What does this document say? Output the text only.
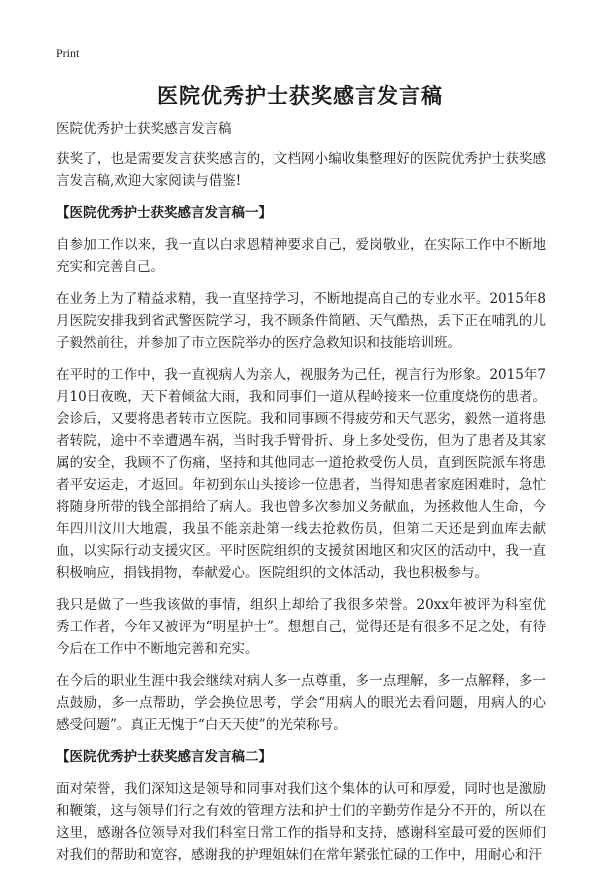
Print
医院优秀护士获奖感言发言稿
医院优秀护士获奖感言发言稿

获奖了，也是需要发言获奖感言的，文档网小编收集整理好的医院优秀护士获奖感言发言稿,欢迎大家阅读与借鉴!

【医院优秀护士获奖感言发言稿一】

自参加工作以来，我一直以白求恩精神要求自己，爱岗敬业，在实际工作中不断地充实和完善自己。

在业务上为了精益求精，我一直坚持学习，不断地提高自己的专业水平。2015年8月医院安排我到省武警医院学习，我不顾条件简陋、天气酷热，丢下正在哺乳的儿子毅然前往，并参加了市立医院举办的医疗急救知识和技能培训班。

在平时的工作中，我一直视病人为亲人，视服务为己任，视言行为形象。2015年7月10日夜晚，天下着倾盆大雨，我和同事们一道从程岭接来一位重度烧伤的患者。会诊后，又要将患者转市立医院。我和同事顾不得疲劳和天气恶劣，毅然一道将患者转院，途中不幸遭遇车祸，当时我手臂骨折、身上多处受伤，但为了患者及其家属的安全，我顾不了伤痛，坚持和其他同志一道抢救受伤人员，直到医院派车将患者平安运走，才返回。年初到东山头接诊一位患者，当得知患者家庭困难时，急忙将随身所带的钱全部捐给了病人。我也曾多次参加义务献血，为拯救他人生命，今年四川汶川大地震，我虽不能亲赴第一线去抢救伤员，但第二天还是到血库去献血，以实际行动支援灾区。平时医院组织的支援贫困地区和灾区的活动中，我一直积极响应，捐钱捐物，奉献爱心。医院组织的文体活动，我也积极参与。

我只是做了一些我该做的事情，组织上却给了我很多荣誉。20xx年被评为科室优秀工作者，今年又被评为“明星护士”。想想自己，觉得还是有很多不足之处，有待今后在工作中不断地完善和充实。

在今后的职业生涯中我会继续对病人多一点尊重，多一点理解，多一点解释，多一点鼓励，多一点帮助，学会换位思考，学会“用病人的眼光去看问题，用病人的心感受问题”。真正无愧于“白天天使”的光荣称号。

【医院优秀护士获奖感言发言稿二】

面对荣誉，我们深知这是领导和同事对我们这个集体的认可和厚爱，同时也是激励和鞭策，这与领导们行之有效的管理方法和护士们的辛勤劳作是分不开的，所以在这里，感谢各位领导对我们科室日常工作的指导和支持，感谢科室最可爱的医师们对我们的帮助和宽容，感谢我的护理姐妹们在常年紧张忙碌的工作中，用耐心和汗
